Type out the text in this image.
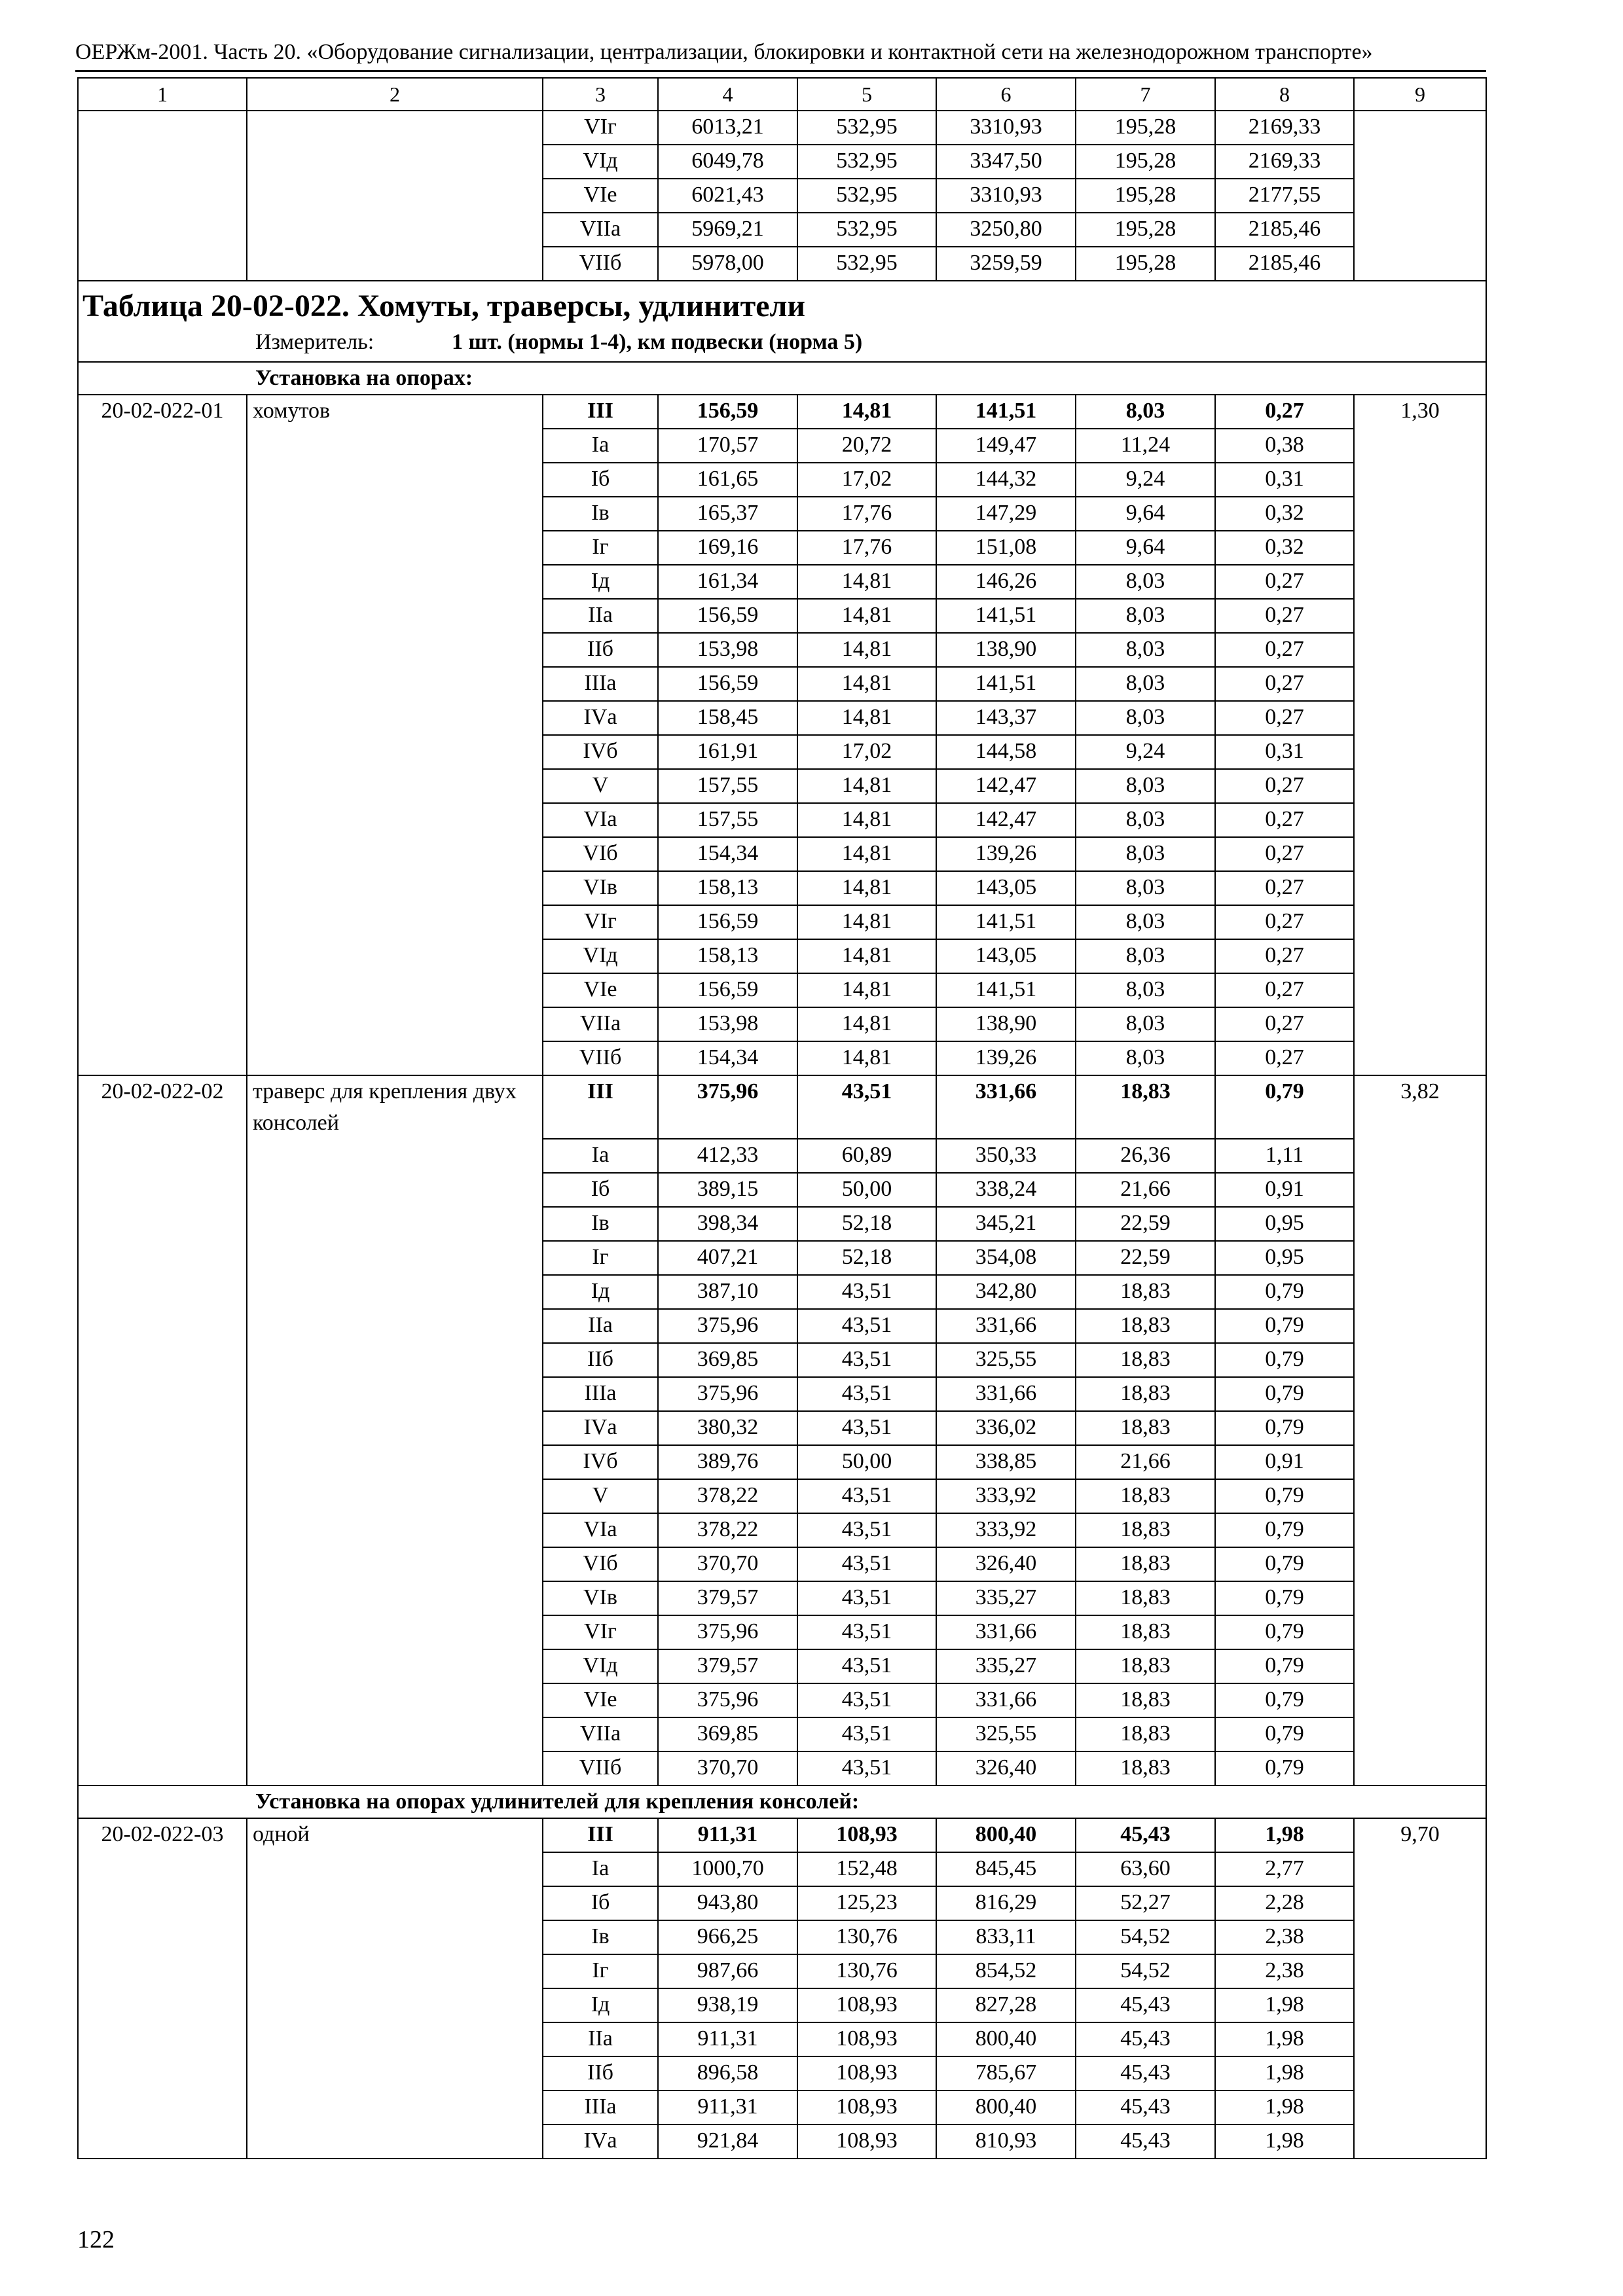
ОЕРЖм-2001. Часть 20. «Оборудование сигнализации, централизации, блокировки и контактной сети на железнодорожном транспорте»
1	2	3	4	5	6	7	8	9
		VIг	6013,21	532,95	3310,93	195,28	2169,33	
		VIд	6049,78	532,95	3347,50	195,28	2169,33	
		VIе	6021,43	532,95	3310,93	195,28	2177,55	
		VIIа	5969,21	532,95	3250,80	195,28	2185,46	
		VIIб	5978,00	532,95	3259,59	195,28	2185,46	

Таблица 20-02-022. Хомуты, траверсы, удлинители
Измеритель: 1 шт. (нормы 1-4), км подвески (норма 5)								

Установка на опорах:								
20-02-022-01	хомутов	III	156,59	14,81	141,51	8,03	0,27	1,30
		Iа	170,57	20,72	149,47	11,24	0,38	
		Iб	161,65	17,02	144,32	9,24	0,31	
		Iв	165,37	17,76	147,29	9,64	0,32	
		Iг	169,16	17,76	151,08	9,64	0,32	
		Iд	161,34	14,81	146,26	8,03	0,27	
		IIа	156,59	14,81	141,51	8,03	0,27	
		IIб	153,98	14,81	138,90	8,03	0,27	
		IIIа	156,59	14,81	141,51	8,03	0,27	
		IVа	158,45	14,81	143,37	8,03	0,27	
		IVб	161,91	17,02	144,58	9,24	0,31	
		V	157,55	14,81	142,47	8,03	0,27	
		VIа	157,55	14,81	142,47	8,03	0,27	
		VIб	154,34	14,81	139,26	8,03	0,27	
		VIв	158,13	14,81	143,05	8,03	0,27	
		VIг	156,59	14,81	141,51	8,03	0,27	
		VIд	158,13	14,81	143,05	8,03	0,27	
		VIе	156,59	14,81	141,51	8,03	0,27	
		VIIа	153,98	14,81	138,90	8,03	0,27	
		VIIб	154,34	14,81	139,26	8,03	0,27	
20-02-022-02	траверс для крепления двух консолей	III	375,96	43,51	331,66	18,83	0,79	3,82
		Iа	412,33	60,89	350,33	26,36	1,11	
		Iб	389,15	50,00	338,24	21,66	0,91	
		Iв	398,34	52,18	345,21	22,59	0,95	
		Iг	407,21	52,18	354,08	22,59	0,95	
		Iд	387,10	43,51	342,80	18,83	0,79	
		IIа	375,96	43,51	331,66	18,83	0,79	
		IIб	369,85	43,51	325,55	18,83	0,79	
		IIIа	375,96	43,51	331,66	18,83	0,79	
		IVа	380,32	43,51	336,02	18,83	0,79	
		IVб	389,76	50,00	338,85	21,66	0,91	
		V	378,22	43,51	333,92	18,83	0,79	
		VIа	378,22	43,51	333,92	18,83	0,79	
		VIб	370,70	43,51	326,40	18,83	0,79	
		VIв	379,57	43,51	335,27	18,83	0,79	
		VIг	375,96	43,51	331,66	18,83	0,79	
		VIд	379,57	43,51	335,27	18,83	0,79	
		VIе	375,96	43,51	331,66	18,83	0,79	
		VIIа	369,85	43,51	325,55	18,83	0,79	
		VIIб	370,70	43,51	326,40	18,83	0,79	
Установка на опорах удлинителей для крепления консолей:								
20-02-022-03	одной	III	911,31	108,93	800,40	45,43	1,98	9,70
		Iа	1000,70	152,48	845,45	63,60	2,77	
		Iб	943,80	125,23	816,29	52,27	2,28	
		Iв	966,25	130,76	833,11	54,52	2,38	
		Iг	987,66	130,76	854,52	54,52	2,38	
		Iд	938,19	108,93	827,28	45,43	1,98	
		IIа	911,31	108,93	800,40	45,43	1,98	
		IIб	896,58	108,93	785,67	45,43	1,98	
		IIIа	911,31	108,93	800,40	45,43	1,98	
		IVа	921,84	108,93	810,93	45,43	1,98	
122
